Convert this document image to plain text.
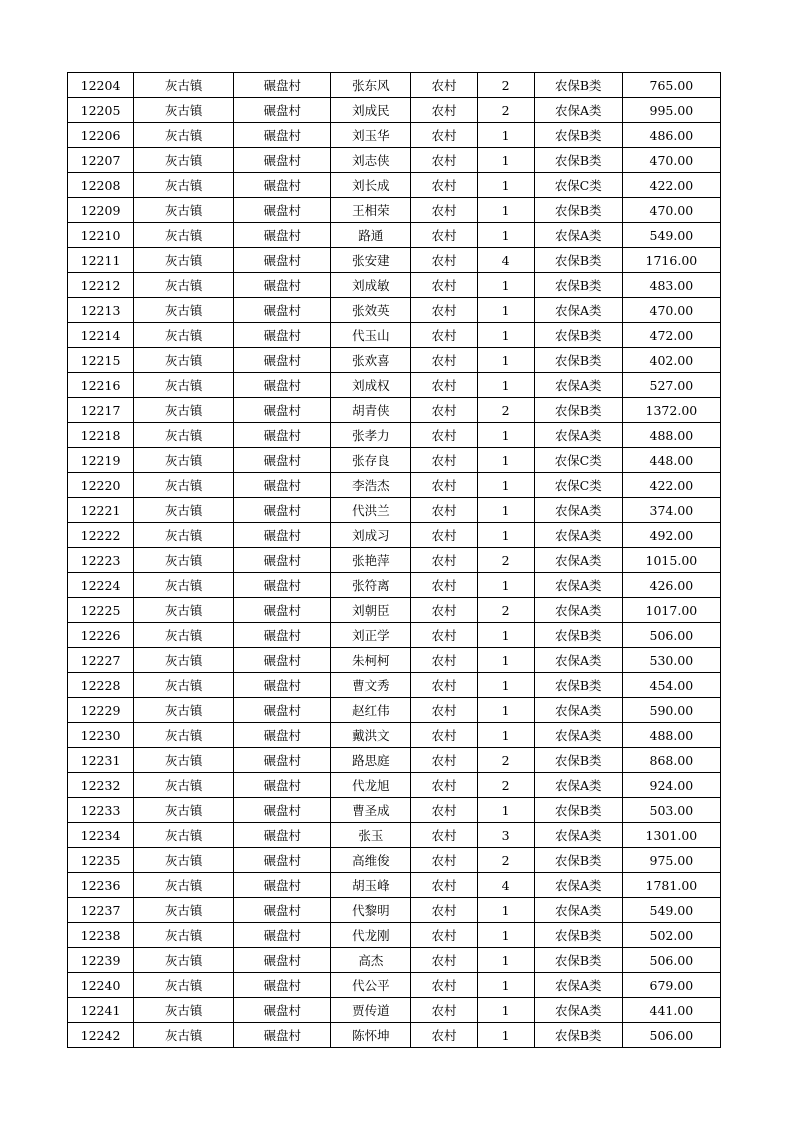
12204	灰古镇	碾盘村	张东风	农村	2	农保B类	765.00
12205	灰古镇	碾盘村	刘成民	农村	2	农保A类	995.00
12206	灰古镇	碾盘村	刘玉华	农村	1	农保B类	486.00
12207	灰古镇	碾盘村	刘志侠	农村	1	农保B类	470.00
12208	灰古镇	碾盘村	刘长成	农村	1	农保C类	422.00
12209	灰古镇	碾盘村	王相荣	农村	1	农保B类	470.00
12210	灰古镇	碾盘村	路通	农村	1	农保A类	549.00
12211	灰古镇	碾盘村	张安建	农村	4	农保B类	1716.00
12212	灰古镇	碾盘村	刘成敏	农村	1	农保B类	483.00
12213	灰古镇	碾盘村	张效英	农村	1	农保A类	470.00
12214	灰古镇	碾盘村	代玉山	农村	1	农保B类	472.00
12215	灰古镇	碾盘村	张欢喜	农村	1	农保B类	402.00
12216	灰古镇	碾盘村	刘成权	农村	1	农保A类	527.00
12217	灰古镇	碾盘村	胡青侠	农村	2	农保B类	1372.00
12218	灰古镇	碾盘村	张孝力	农村	1	农保A类	488.00
12219	灰古镇	碾盘村	张存良	农村	1	农保C类	448.00
12220	灰古镇	碾盘村	李浩杰	农村	1	农保C类	422.00
12221	灰古镇	碾盘村	代洪兰	农村	1	农保A类	374.00
12222	灰古镇	碾盘村	刘成习	农村	1	农保A类	492.00
12223	灰古镇	碾盘村	张艳萍	农村	2	农保A类	1015.00
12224	灰古镇	碾盘村	张符离	农村	1	农保A类	426.00
12225	灰古镇	碾盘村	刘朝臣	农村	2	农保A类	1017.00
12226	灰古镇	碾盘村	刘正学	农村	1	农保B类	506.00
12227	灰古镇	碾盘村	朱柯柯	农村	1	农保A类	530.00
12228	灰古镇	碾盘村	曹文秀	农村	1	农保B类	454.00
12229	灰古镇	碾盘村	赵红伟	农村	1	农保A类	590.00
12230	灰古镇	碾盘村	戴洪文	农村	1	农保A类	488.00
12231	灰古镇	碾盘村	路思庭	农村	2	农保B类	868.00
12232	灰古镇	碾盘村	代龙旭	农村	2	农保A类	924.00
12233	灰古镇	碾盘村	曹圣成	农村	1	农保B类	503.00
12234	灰古镇	碾盘村	张玉	农村	3	农保A类	1301.00
12235	灰古镇	碾盘村	高维俊	农村	2	农保B类	975.00
12236	灰古镇	碾盘村	胡玉峰	农村	4	农保A类	1781.00
12237	灰古镇	碾盘村	代黎明	农村	1	农保A类	549.00
12238	灰古镇	碾盘村	代龙刚	农村	1	农保B类	502.00
12239	灰古镇	碾盘村	高杰	农村	1	农保B类	506.00
12240	灰古镇	碾盘村	代公平	农村	1	农保A类	679.00
12241	灰古镇	碾盘村	贾传道	农村	1	农保A类	441.00
12242	灰古镇	碾盘村	陈怀坤	农村	1	农保B类	506.00
